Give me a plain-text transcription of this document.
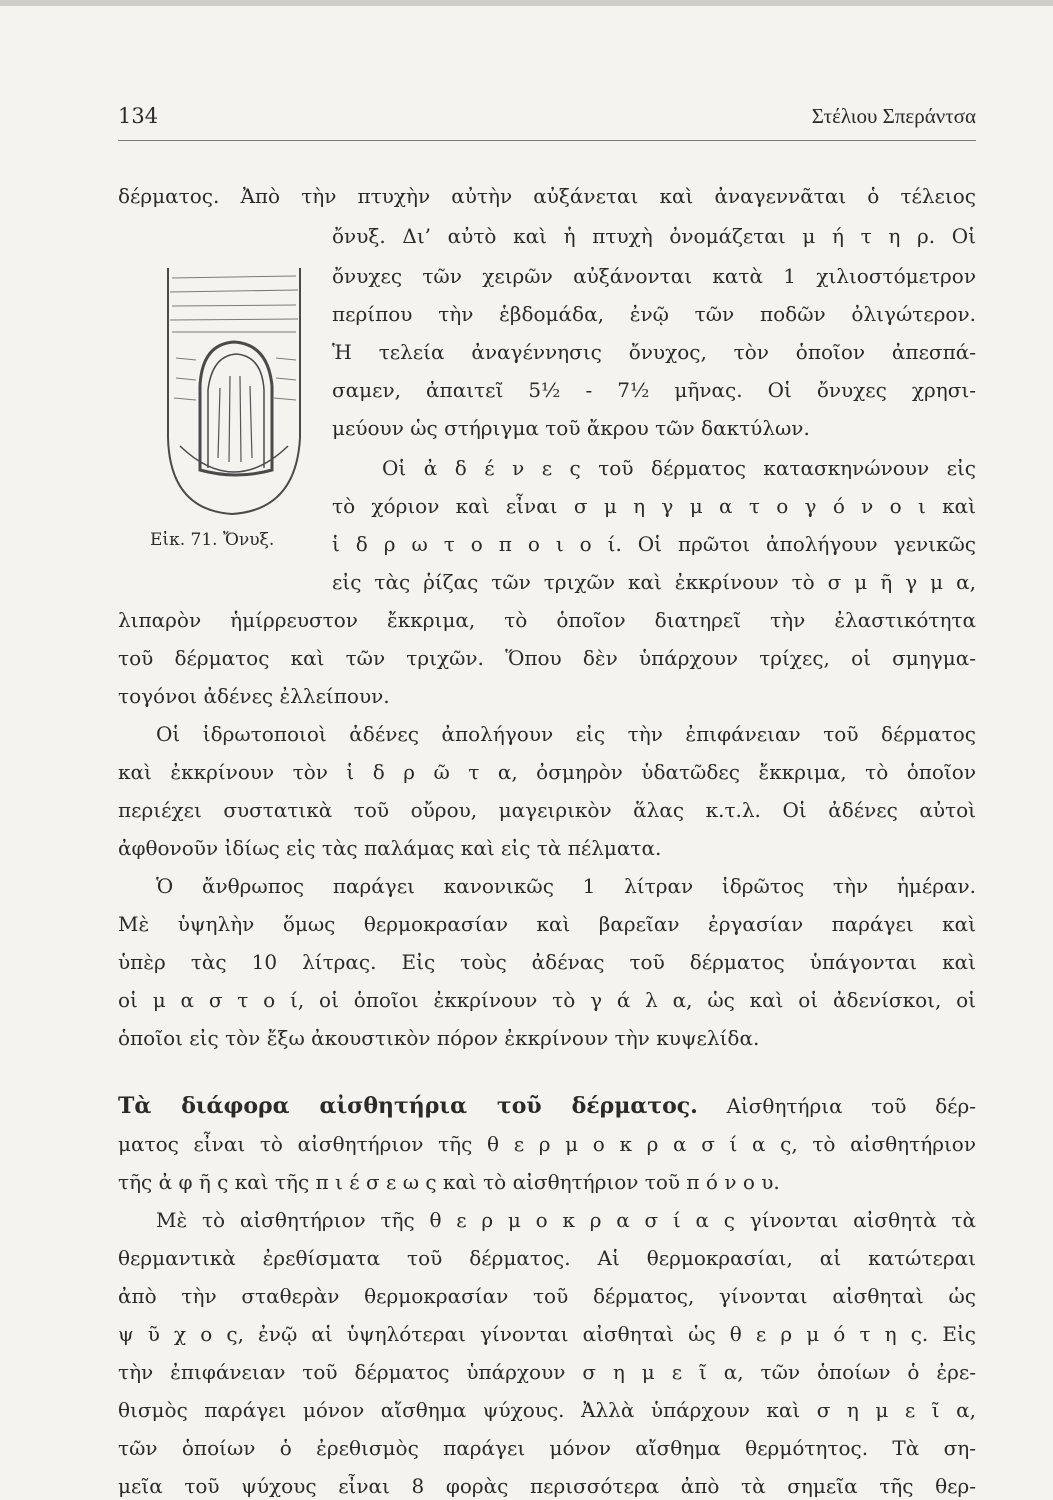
134	Στέλιου Σπεράντσα
δέρματος. Ἀπὸ τὴν πτυχὴν αὐτὴν αὐξάνεται καὶ ἀναγεννᾶται ὁ τέλειος
ὄνυξ. Δι’ αὐτὸ καὶ ἡ πτυχὴ ὀνομάζεται μ ή τ η ρ. Οἱ
ὄνυχες τῶν χειρῶν αὐξάνονται κατὰ 1 χιλιοστόμετρον
περίπου τὴν ἑβδομάδα, ἐνῷ τῶν ποδῶν ὀλιγώτερον.
Ἡ τελεία ἀναγέννησις ὄνυχος, τὸν ὁποῖον ἀπεσπά-
σαμεν, ἀπαιτεῖ 5½ - 7½ μῆνας. Οἱ ὄνυχες χρησι-
μεύουν ὡς στήριγμα τοῦ ἄκρου τῶν δακτύλων.
Εἰκ. 71. Ὄνυξ.
Οἱ ἀ δ έ ν ε ς τοῦ δέρματος κατασκηνώνουν εἰς
τὸ χόριον καὶ εἶναι σ μ η γ μ α τ ο γ ό ν ο ι καὶ
ἱ δ ρ ω τ ο π ο ι ο ί. Οἱ πρῶτοι ἀπολήγουν γενικῶς
εἰς τὰς ῥίζας τῶν τριχῶν καὶ ἐκκρίνουν τὸ σ μ ῆ γ μ α,
λιπαρὸν ἡμίρρευστον ἔκκριμα, τὸ ὁποῖον διατηρεῖ τὴν ἐλαστικότητα
τοῦ δέρματος καὶ τῶν τριχῶν. Ὅπου δὲν ὑπάρχουν τρίχες, οἱ σμηγμα-
τογόνοι ἀδένες ἐλλείπουν.
Οἱ ἱδρωτοποιοὶ ἀδένες ἀπολήγουν εἰς τὴν ἐπιφάνειαν τοῦ δέρματος
καὶ ἐκκρίνουν τὸν ἱ δ ρ ῶ τ α, ὀσμηρὸν ὑδατῶδες ἔκκριμα, τὸ ὁποῖον
περιέχει συστατικὰ τοῦ οὔρου, μαγειρικὸν ἅλας κ.τ.λ. Οἱ ἀδένες αὐτοὶ
ἀφθονοῦν ἰδίως εἰς τὰς παλάμας καὶ εἰς τὰ πέλματα.
Ὁ ἄνθρωπος παράγει κανονικῶς 1 λίτραν ἱδρῶτος τὴν ἡμέραν.
Μὲ ὑψηλὴν ὅμως θερμοκρασίαν καὶ βαρεῖαν ἐργασίαν παράγει καὶ
ὑπὲρ τὰς 10 λίτρας. Εἰς τοὺς ἀδένας τοῦ δέρματος ὑπάγονται καὶ
οἱ μ α σ τ ο ί, οἱ ὁποῖοι ἐκκρίνουν τὸ γ ά λ α, ὡς καὶ οἱ ἀδενίσκοι, οἱ
ὁποῖοι εἰς τὸν ἔξω ἀκουστικὸν πόρον ἐκκρίνουν τὴν κυψελίδα.
Τὰ διάφορα αἰσθητήρια τοῦ δέρματος. Αἰσθητήρια τοῦ δέρ-
ματος εἶναι τὸ αἰσθητήριον τῆς θ ε ρ μ ο κ ρ α σ ί α ς, τὸ αἰσθητήριον
τῆς ἀ φ ῆ ς καὶ τῆς π ι έ σ ε ω ς καὶ τὸ αἰσθητήριον τοῦ π ό ν ο υ.
Μὲ τὸ αἰσθητήριον τῆς θ ε ρ μ ο κ ρ α σ ί α ς γίνονται αἰσθητὰ τὰ
θερμαντικὰ ἐρεθίσματα τοῦ δέρματος. Αἱ θερμοκρασίαι, αἱ κατώτεραι
ἀπὸ τὴν σταθερὰν θερμοκρασίαν τοῦ δέρματος, γίνονται αἰσθηταὶ ὡς
ψ ῦ χ ο ς, ἐνῷ αἱ ὑψηλότεραι γίνονται αἰσθηταὶ ὡς θ ε ρ μ ό τ η ς. Εἰς
τὴν ἐπιφάνειαν τοῦ δέρματος ὑπάρχουν σ η μ ε ῖ α, τῶν ὁποίων ὁ ἐρε-
θισμὸς παράγει μόνον αἴσθημα ψύχους. Ἀλλὰ ὑπάρχουν καὶ σ η μ ε ῖ α,
τῶν ὁποίων ὁ ἐρεθισμὸς παράγει μόνον αἴσθημα θερμότητος. Τὰ ση-
μεῖα τοῦ ψύχους εἶναι 8 φορὰς περισσότερα ἀπὸ τὰ σημεῖα τῆς θερ-
